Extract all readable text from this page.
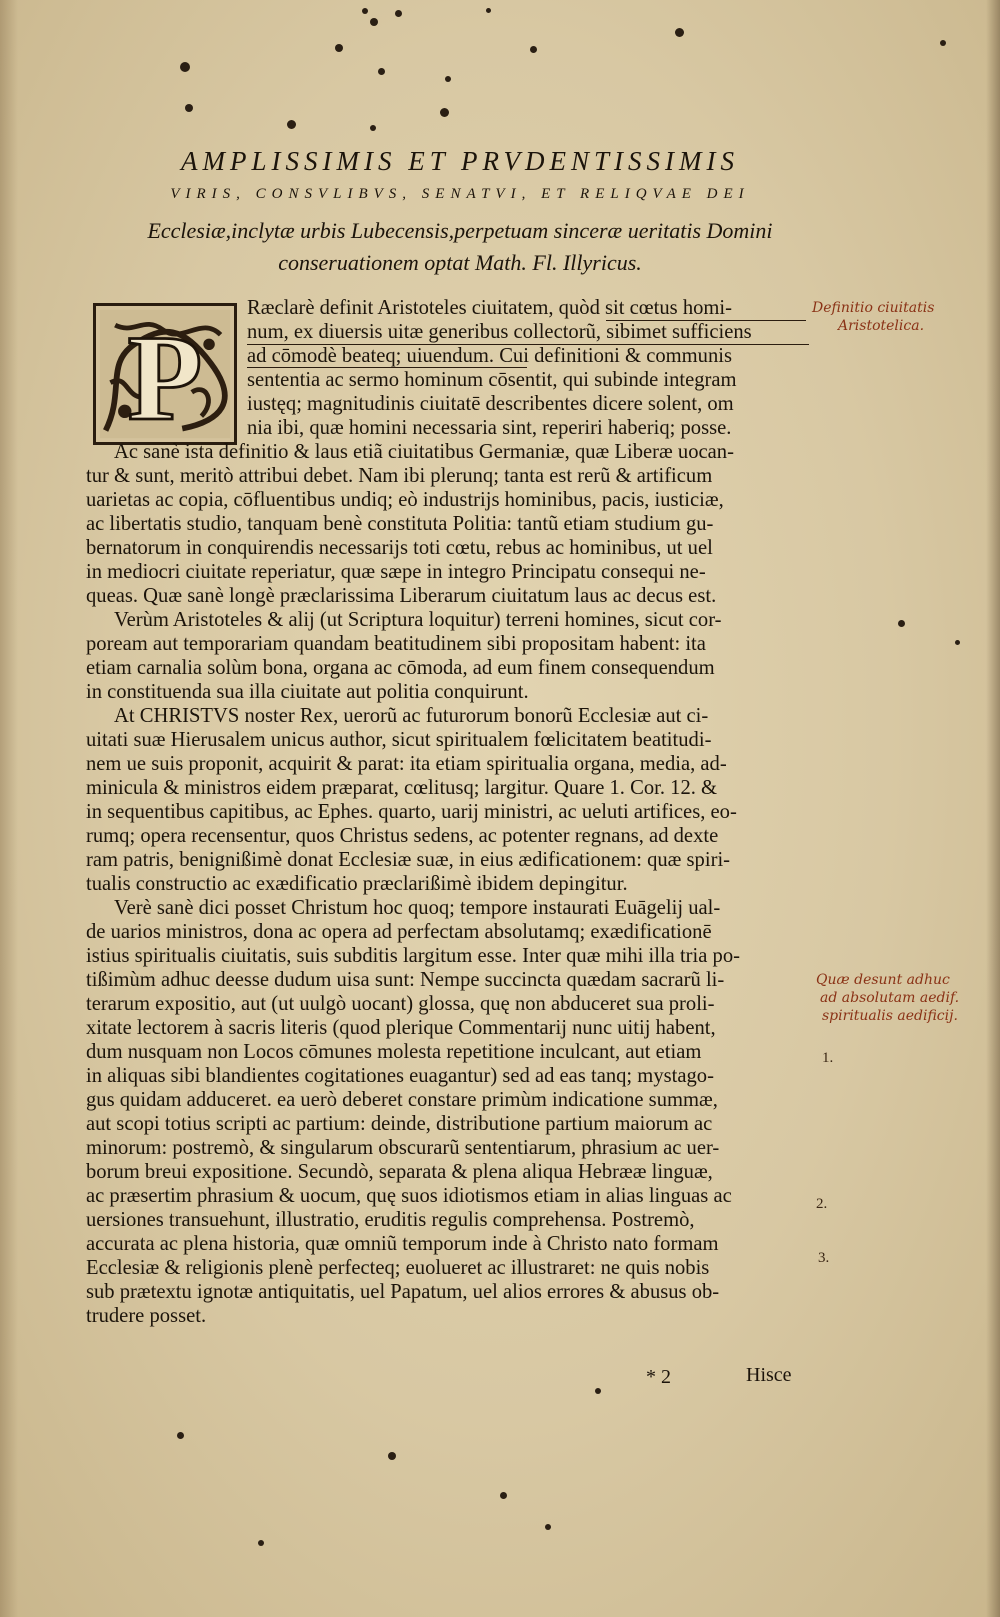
AMPLISSIMIS ET PRVDENTISSIMIS
VIRIS, CONSVLIBVS, SENATVI, ET RELIQVAE DEI
Ecclesiæ,inclytæ urbis Lubecensis,perpetuam sinceræ ueritatis Domini
conseruationem optat Math. Fl. Illyricus.
P
Ræclarè definit Aristoteles ciuitatem, quòd sit cœtus homi-
num, ex diuersis uitæ generibus collectorũ, sibimet sufficiens
ad cōmodè beateq; uiuendum. Cui definitioni & communis
sententia ac sermo hominum cōsentit, qui subinde integram
iustęq; magnitudinis ciuitatē describentes dicere solent, om
nia ibi, quæ homini necessaria sint, reperiri haberiq; posse.
Ac sanè ista definitio & laus etiã ciuitatibus Germaniæ, quæ Liberæ uocan-
tur & sunt, meritò attribui debet. Nam ibi plerunq; tanta est rerũ & artificum
uarietas ac copia, cōfluentibus undiq; eò industrijs hominibus, pacis, iusticiæ,
ac libertatis studio, tanquam benè constituta Politia: tantũ etiam studium gu-
bernatorum in conquirendis necessarijs toti cœtu, rebus ac hominibus, ut uel
in mediocri ciuitate reperiatur, quæ sæpe in integro Principatu consequi ne-
queas. Quæ sanè longè præclarissima Liberarum ciuitatum laus ac decus est.
Verùm Aristoteles & alij (ut Scriptura loquitur) terreni homines, sicut cor-
poream aut temporariam quandam beatitudinem sibi propositam habent: ita
etiam carnalia solùm bona, organa ac cōmoda, ad eum finem consequendum
in constituenda sua illa ciuitate aut politia conquirunt.
At CHRISTVS noster Rex, uerorũ ac futurorum bonorũ Ecclesiæ aut ci-
uitati suæ Hierusalem unicus author, sicut spiritualem fœlicitatem beatitudi-
nem ue suis proponit, acquirit & parat: ita etiam spiritualia organa, media, ad-
minicula & ministros eidem præparat, cœlitusq; largitur. Quare 1. Cor. 12. &
in sequentibus capitibus, ac Ephes. quarto, uarij ministri, ac ueluti artifices, eo-
rumq; opera recensentur, quos Christus sedens, ac potenter regnans, ad dexte
ram patris, benignißimè donat Ecclesiæ suæ, in eius ædificationem: quæ spiri-
tualis constructio ac exædificatio præclarißimè ibidem depingitur.
Verè sanè dici posset Christum hoc quoq; tempore instaurati Euāgelij ual-
de uarios ministros, dona ac opera ad perfectam absolutamq; exædificationē
istius spiritualis ciuitatis, suis subditis largitum esse. Inter quæ mihi illa tria po-
tißimùm adhuc deesse dudum uisa sunt: Nempe succincta quædam sacrarũ li-
terarum expositio, aut (ut uulgò uocant) glossa, quę non abduceret sua proli-
xitate lectorem à sacris literis (quod plerique Commentarij nunc uitij habent,
dum nusquam non Locos cōmunes molesta repetitione inculcant, aut etiam
in aliquas sibi blandientes cogitationes euagantur) sed ad eas tanq; mystago-
gus quidam adduceret. ea uerò deberet constare primùm indicatione summæ,
aut scopi totius scripti ac partium: deinde, distributione partium maiorum ac
minorum: postremò, & singularum obscurarũ sententiarum, phrasium ac uer-
borum breui expositione. Secundò, separata & plena aliqua Hebrææ linguæ,
ac præsertim phrasium & uocum, quę suos idiotismos etiam in alias linguas ac
uersiones transuehunt, illustratio, eruditis regulis comprehensa. Postremò,
accurata ac plena historia, quæ omniũ temporum inde à Christo nato formam
Ecclesiæ & religionis plenè perfecteq; euolueret ac illustraret: ne quis nobis
sub prætextu ignotæ antiquitatis, uel Papatum, uel alios errores & abusus ob-
trudere posset.
Definitio ciuitatis
Aristotelica.
Quæ desunt adhuc
ad absolutam aedif.
spiritualis aedificij.
1.
2.
3.
* 2	Hisce
